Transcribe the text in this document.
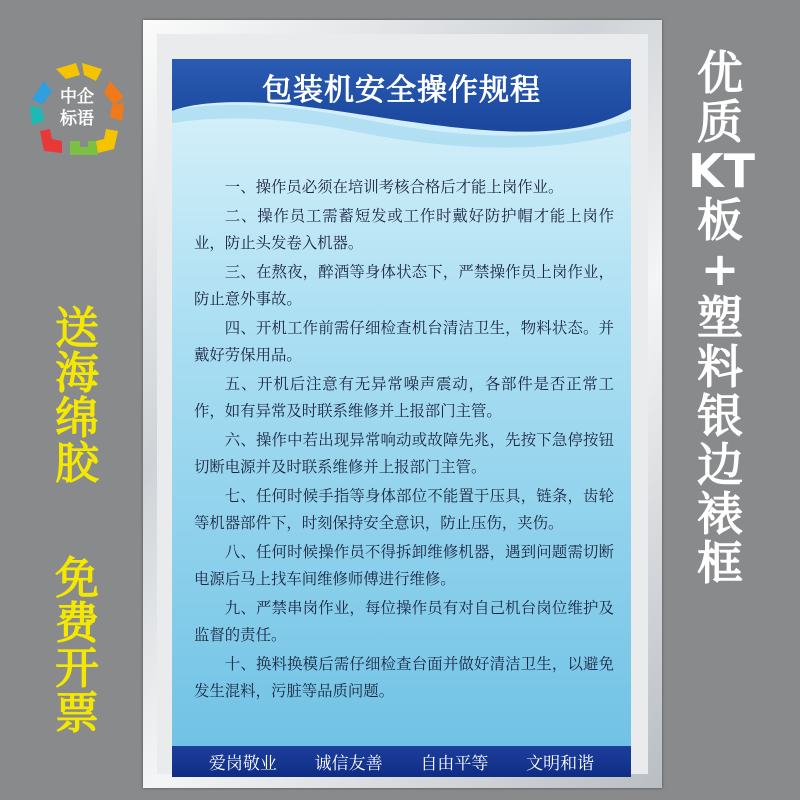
中企
标语
送
海
绵
胶
免
费
开
票
优
质
KT
板
+
塑
料
银
边
裱
框
包装机安全操作规程

一、操作员必须在培训考核合格后才能上岗作业。

二、操作员工需蓄短发或工作时戴好防护帽才能上岗作业，防止头发卷入机器。

三、在熬夜，醉酒等身体状态下，严禁操作员上岗作业，防止意外事故。

四、开机工作前需仔细检查机台清洁卫生，物料状态。并戴好劳保用品。

五、开机后注意有无异常噪声震动，各部件是否正常工作，如有异常及时联系维修并上报部门主管。

六、操作中若出现异常响动或故障先兆，先按下急停按钮切断电源并及时联系维修并上报部门主管。

七、任何时候手指等身体部位不能置于压具，链条，齿轮等机器部件下，时刻保持安全意识，防止压伤，夹伤。

八、任何时候操作员不得拆卸维修机器，遇到问题需切断电源后马上找车间维修师傅进行维修。

九、严禁串岗作业，每位操作员有对自己机台岗位维护及监督的责任。

十、换料换模后需仔细检查台面并做好清洁卫生，以避免发生混料，污脏等品质问题。

爱岗敬业 诚信友善 自由平等 文明和谐
